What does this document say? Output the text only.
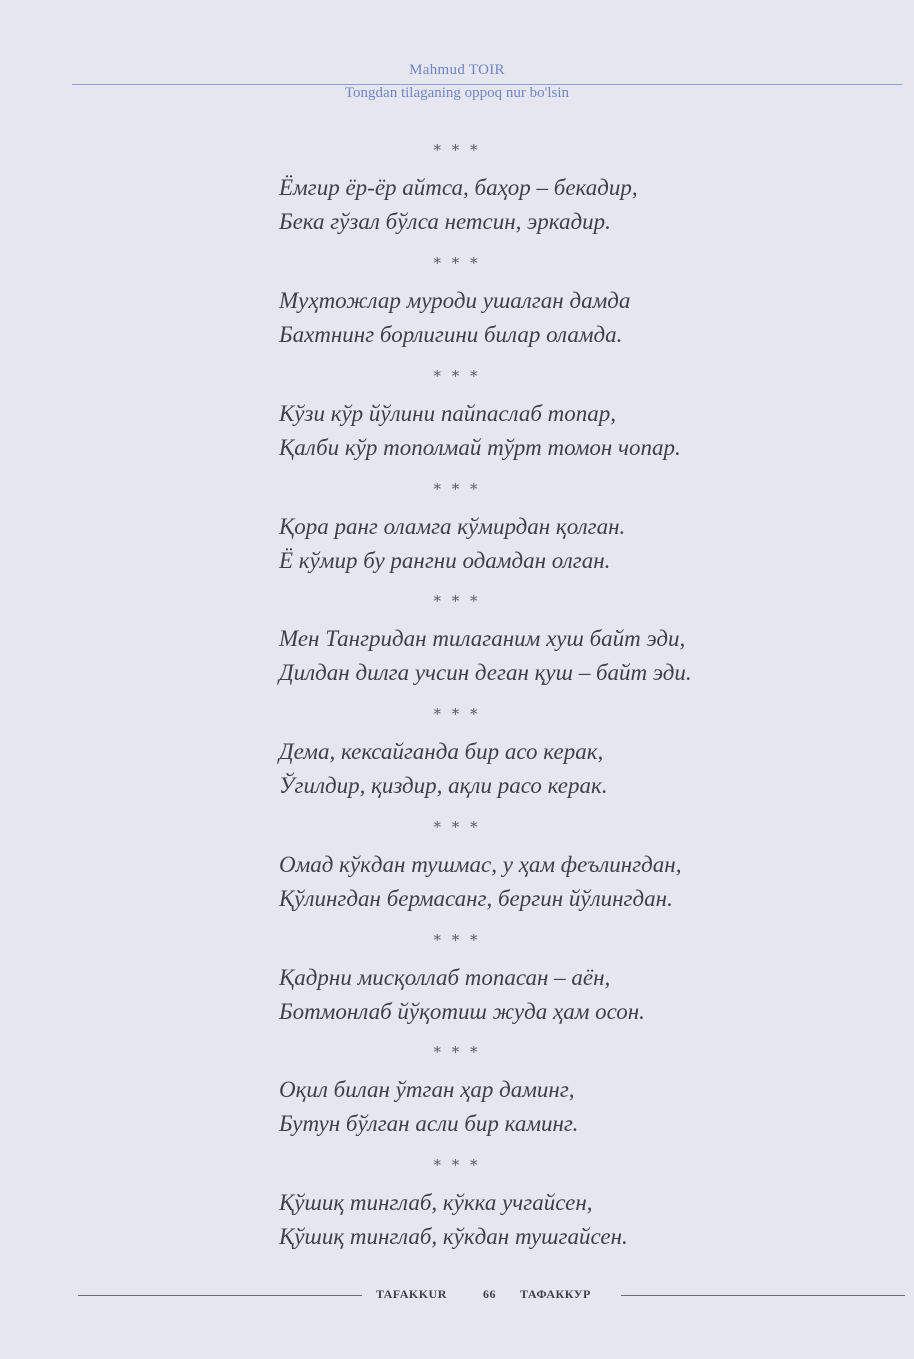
Mahmud TOIR
Tongdan tilaganing oppoq nur bo'lsin
* * *
Ёмгир ёр-ёр айтса, баҳор – бекадир,
Бека гўзал бўлса нетсин, эркадир.
* * *
Муҳтожлар муроди ушалган дамда
Бахтнинг борлигини билар оламда.
* * *
Кўзи кўр йўлини пайпаслаб топар,
Қалби кўр тополмай тўрт томон чопар.
* * *
Қора ранг оламга кўмирдан қолган.
Ё кўмир бу рангни одамдан олган.
* * *
Мен Тангридан тилаганим хуш байт эди,
Дилдан дилга учсин деган қуш – байт эди.
* * *
Дема, кексайганда бир асо керак,
Ўгилдир, қиздир, ақли расо керак.
* * *
Омад кўкдан тушмас, у ҳам феълингдан,
Қўлингдан бермасанг, бергин йўлингдан.
* * *
Қадрни мисқоллаб топасан – аён,
Ботмонлаб йўқотиш жуда ҳам осон.
* * *
Оқил билан ўтган ҳар даминг,
Бутун бўлган асли бир каминг.
* * *
Қўшиқ тинглаб, кўкка учгайсен,
Қўшиқ тинглаб, кўкдан тушгайсен.
TAFAKKUR	66 ТАФАККУР
